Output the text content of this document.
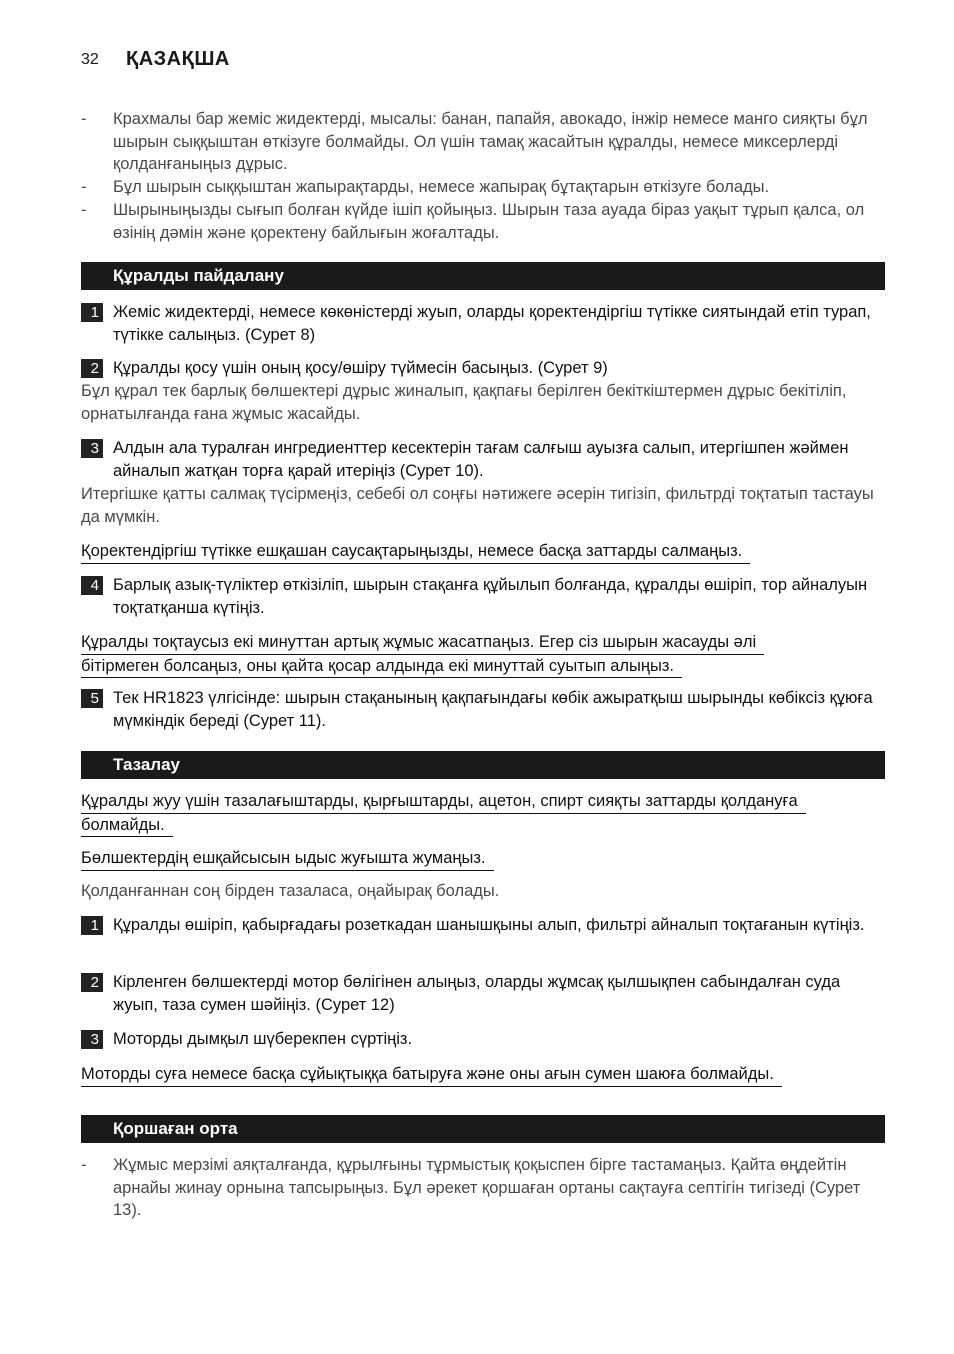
32 ҚАЗАҚША
- Крахмалы бар жеміс жидектерді, мысалы: банан, папайя, авокадо, інжір немесе манго сияқты бұл шырын сыққыштан өткізуге болмайды. Ол үшін тамақ жасайтын құралды, немесе миксерлерді қолданғаныңыз дұрыс.
- Бұл шырын сыққыштан жапырақтарды, немесе жапырақ бұтақтарын өткізуге болады.
- Шырыныңызды сығып болған күйде ішіп қойыңыз. Шырын таза ауада біраз уақыт тұрып қалса, ол өзінің дәмін және қоректену байлығын жоғалтады.
Құралды пайдалану
1 Жеміс жидектерді, немесе көкөністерді жуып, оларды қоректендіргіш түтікке сиятындай етіп турап, түтікке салыңыз. (Сурет 8)
2 Құралды қосу үшін оның қосу/өшіру түймесін басыңыз. (Сурет 9)
Бұл құрал тек барлық бөлшектері дұрыс жиналып, қақпағы берілген бекіткіштермен дұрыс бекітіліп, орнатылғанда ғана жұмыс жасайды.
3 Алдын ала туралған ингредиенттер кесектерін тағам салғыш ауызға салып, итергішпен жәймен айналып жатқан торға қарай итеріңіз (Сурет 10).
Итергішке қатты салмақ түсірмеңіз, себебі ол соңғы нәтижеге әсерін тигізіп, фильтрді тоқтатып тастауы да мүмкін.
Қоректендіргіш түтікке ешқашан саусақтарыңызды, немесе басқа заттарды салмаңыз.
4 Барлық азық-түліктер өткізіліп, шырын стақанға құйылып болғанда, құралды өшіріп, тор айналуын тоқтатқанша күтіңіз.
Құралды тоқтаусыз екі минуттан артық жұмыс жасатпаңыз. Егер сіз шырын жасауды әлі
бітірмеген болсаңыз, оны қайта қосар алдында екі минуттай суытып алыңыз.
5 Тек HR1823 үлгісінде: шырын стақанының қақпағындағы көбік ажыратқыш шырынды көбіксіз құюға мүмкіндік береді (Сурет 11).
Тазалау
Құралды жуу үшін тазалағыштарды, қырғыштарды, ацетон, спирт сияқты заттарды қолдануға
болмайды.
Бөлшектердің ешқайсысын ыдыс жуғышта жумаңыз.
Қолданғаннан соң бірден тазаласа, оңайырақ болады.
1 Құралды өшіріп, қабырғадағы розеткадан шанышқыны алып, фильтрі айналып тоқтағанын күтіңіз.
2 Кірленген бөлшектерді мотор бөлігінен алыңыз, оларды жұмсақ қылшықпен сабындалған суда жуып, таза сумен шәйіңіз. (Сурет 12)
3 Моторды дымқыл шүберекпен сүртіңіз.
Моторды суға немесе басқа сұйықтыққа батыруға және оны ағын сумен шаюға болмайды.
Қоршаған орта
- Жұмыс мерзімі аяқталғанда, құрылғыны тұрмыстық қоқыспен бірге тастамаңыз. Қайта өңдейтін арнайы жинау орнына тапсырыңыз. Бұл әрекет қоршаған ортаны сақтауға септігін тигізеді (Сурет 13).
